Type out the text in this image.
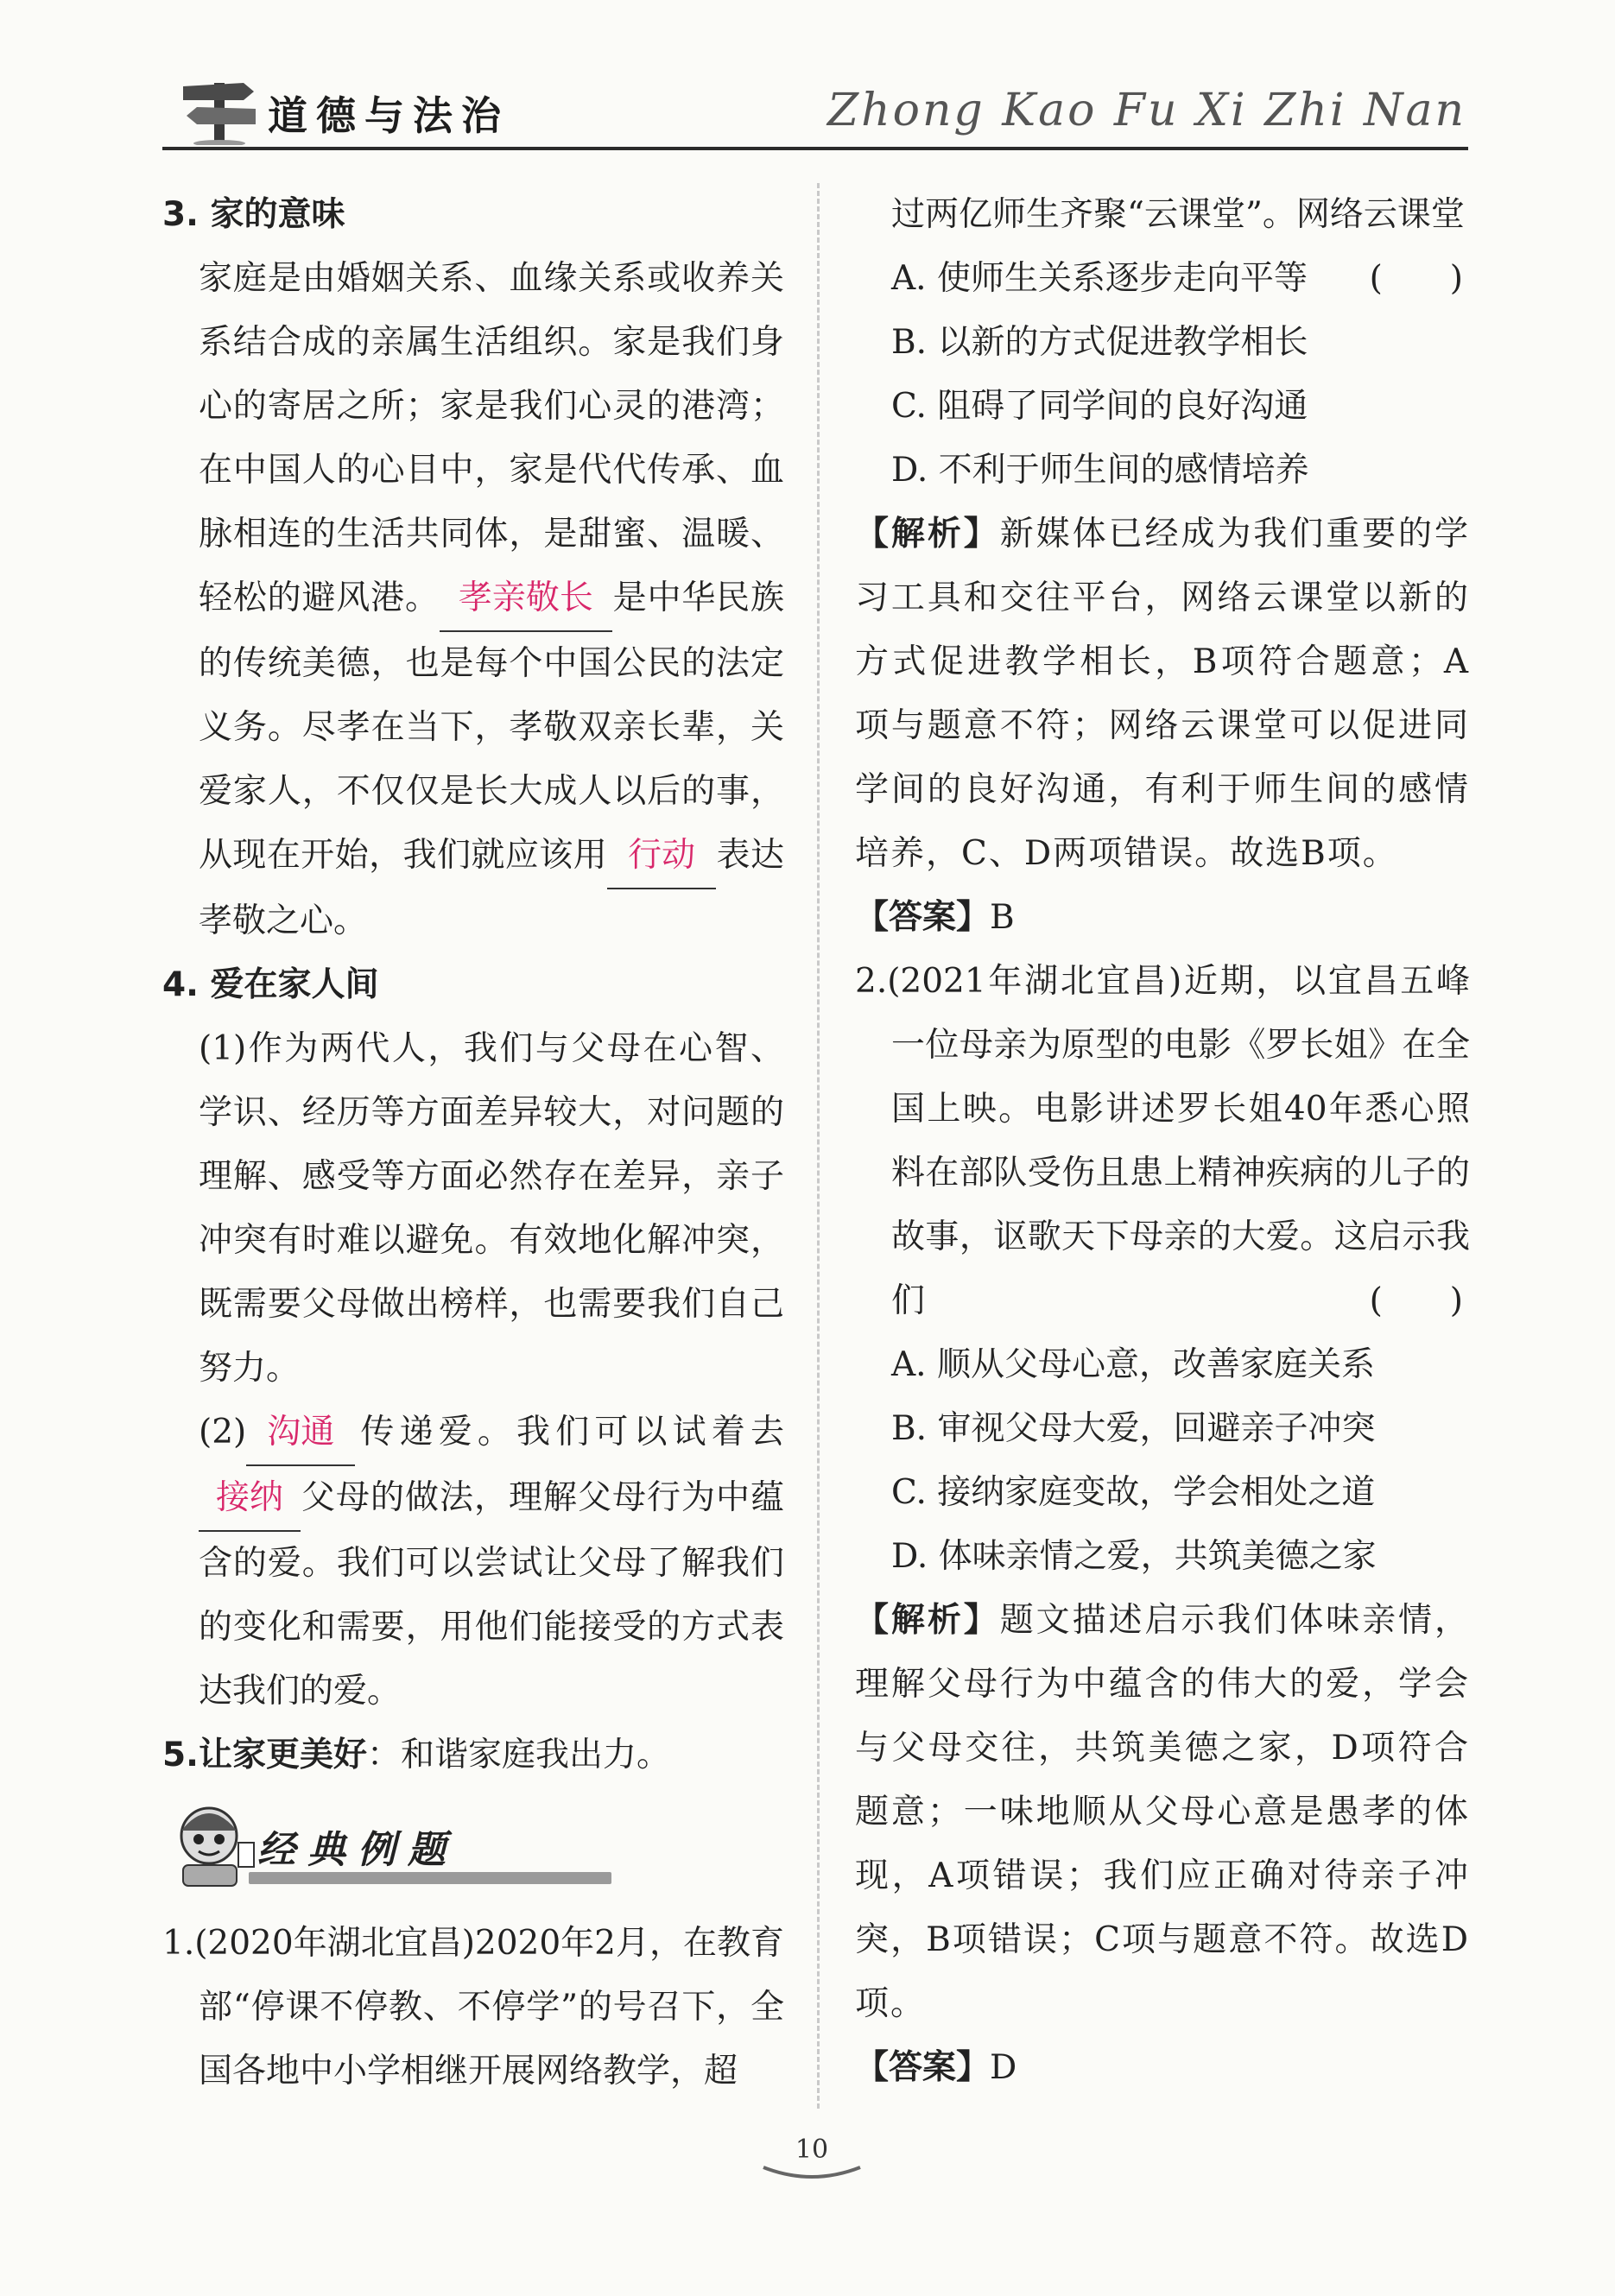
道德与法治	Zhong Kao Fu Xi Zhi Nan
3. 家的意味
家庭是由婚姻关系、血缘关系或收养关系结合成的亲属生活组织。家是我们身心的寄居之所；家是我们心灵的港湾；在中国人的心目中，家是代代传承、血脉相连的生活共同体，是甜蜜、温暖、轻松的避风港。 孝亲敬长 是中华民族的传统美德，也是每个中国公民的法定义务。尽孝在当下，孝敬双亲长辈，关爱家人，不仅仅是长大成人以后的事，从现在开始，我们就应该用 行动 表达孝敬之心。
4. 爱在家人间
(1)作为两代人，我们与父母在心智、学识、经历等方面差异较大，对问题的理解、感受等方面必然存在差异，亲子冲突有时难以避免。有效地化解冲突，既需要父母做出榜样，也需要我们自己努力。
(2) 沟通 传递爱。我们可以试着去接纳 父母的做法，理解父母行为中蕴含的爱。我们可以尝试让父母了解我们的变化和需要，用他们能接受的方式表达我们的爱。
5.让家更美好：和谐家庭我出力。
经典例题
1.(2020年湖北宜昌)2020年2月，在教育部“停课不停教、不停学”的号召下，全国各地中小学相继开展网络教学，超
过两亿师生齐聚“云课堂”。网络云课堂
(　　)
A. 使师生关系逐步走向平等
B. 以新的方式促进教学相长
C. 阻碍了同学间的良好沟通
D. 不利于师生间的感情培养
【解析】新媒体已经成为我们重要的学习工具和交往平台，网络云课堂以新的方式促进教学相长，B项符合题意；A项与题意不符；网络云课堂可以促进同学间的良好沟通，有利于师生间的感情培养，C、D两项错误。故选B项。
【答案】B
2.(2021年湖北宜昌)近期，以宜昌五峰一位母亲为原型的电影《罗长姐》在全国上映。电影讲述罗长姐40年悉心照料在部队受伤且患上精神疾病的儿子的故事，讴歌天下母亲的大爱。这启示我们	(　　)
A. 顺从父母心意，改善家庭关系
B. 审视父母大爱，回避亲子冲突
C. 接纳家庭变故，学会相处之道
D. 体味亲情之爱，共筑美德之家
【解析】题文描述启示我们体味亲情，理解父母行为中蕴含的伟大的爱，学会与父母交往，共筑美德之家，D项符合题意；一味地顺从父母心意是愚孝的体现，A项错误；我们应正确对待亲子冲突，B项错误；C项与题意不符。故选D项。
【答案】D
10
